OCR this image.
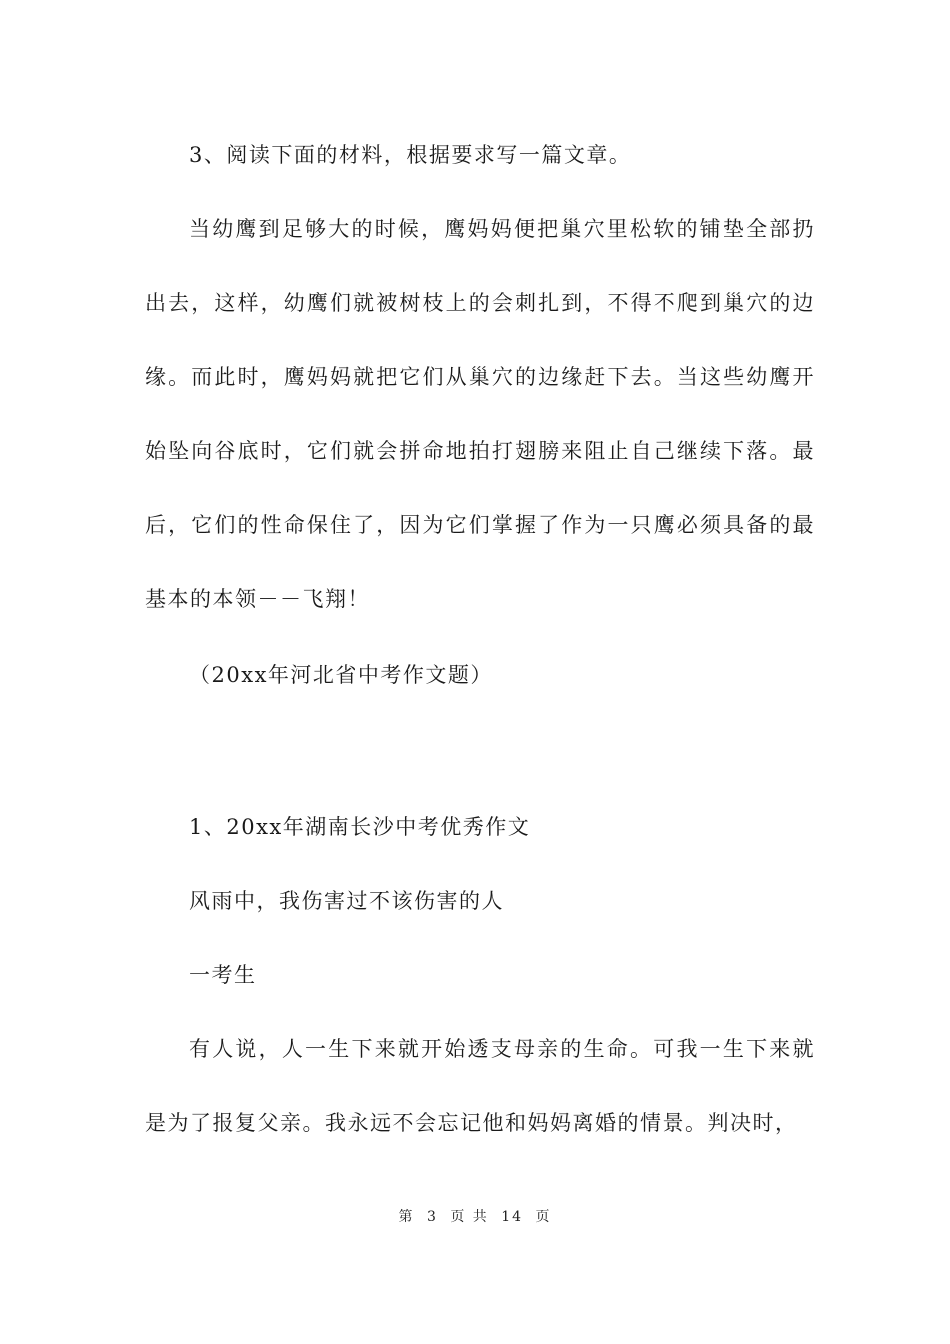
3、阅读下面的材料，根据要求写一篇文章。

当幼鹰到足够大的时候，鹰妈妈便把巢穴里松软的铺垫全部扔出去，这样，幼鹰们就被树枝上的会刺扎到，不得不爬到巢穴的边缘。而此时，鹰妈妈就把它们从巢穴的边缘赶下去。当这些幼鹰开始坠向谷底时，它们就会拼命地拍打翅膀来阻止自己继续下落。最后，它们的性命保住了，因为它们掌握了作为一只鹰必须具备的最基本的本领－－飞翔！

（20xx年河北省中考作文题）

1、20xx年湖南长沙中考优秀作文

风雨中，我伤害过不该伤害的人

一考生

有人说，人一生下来就开始透支母亲的生命。可我一生下来就是为了报复父亲。我永远不会忘记他和妈妈离婚的情景。判决时，

第 3 页 共 14 页
